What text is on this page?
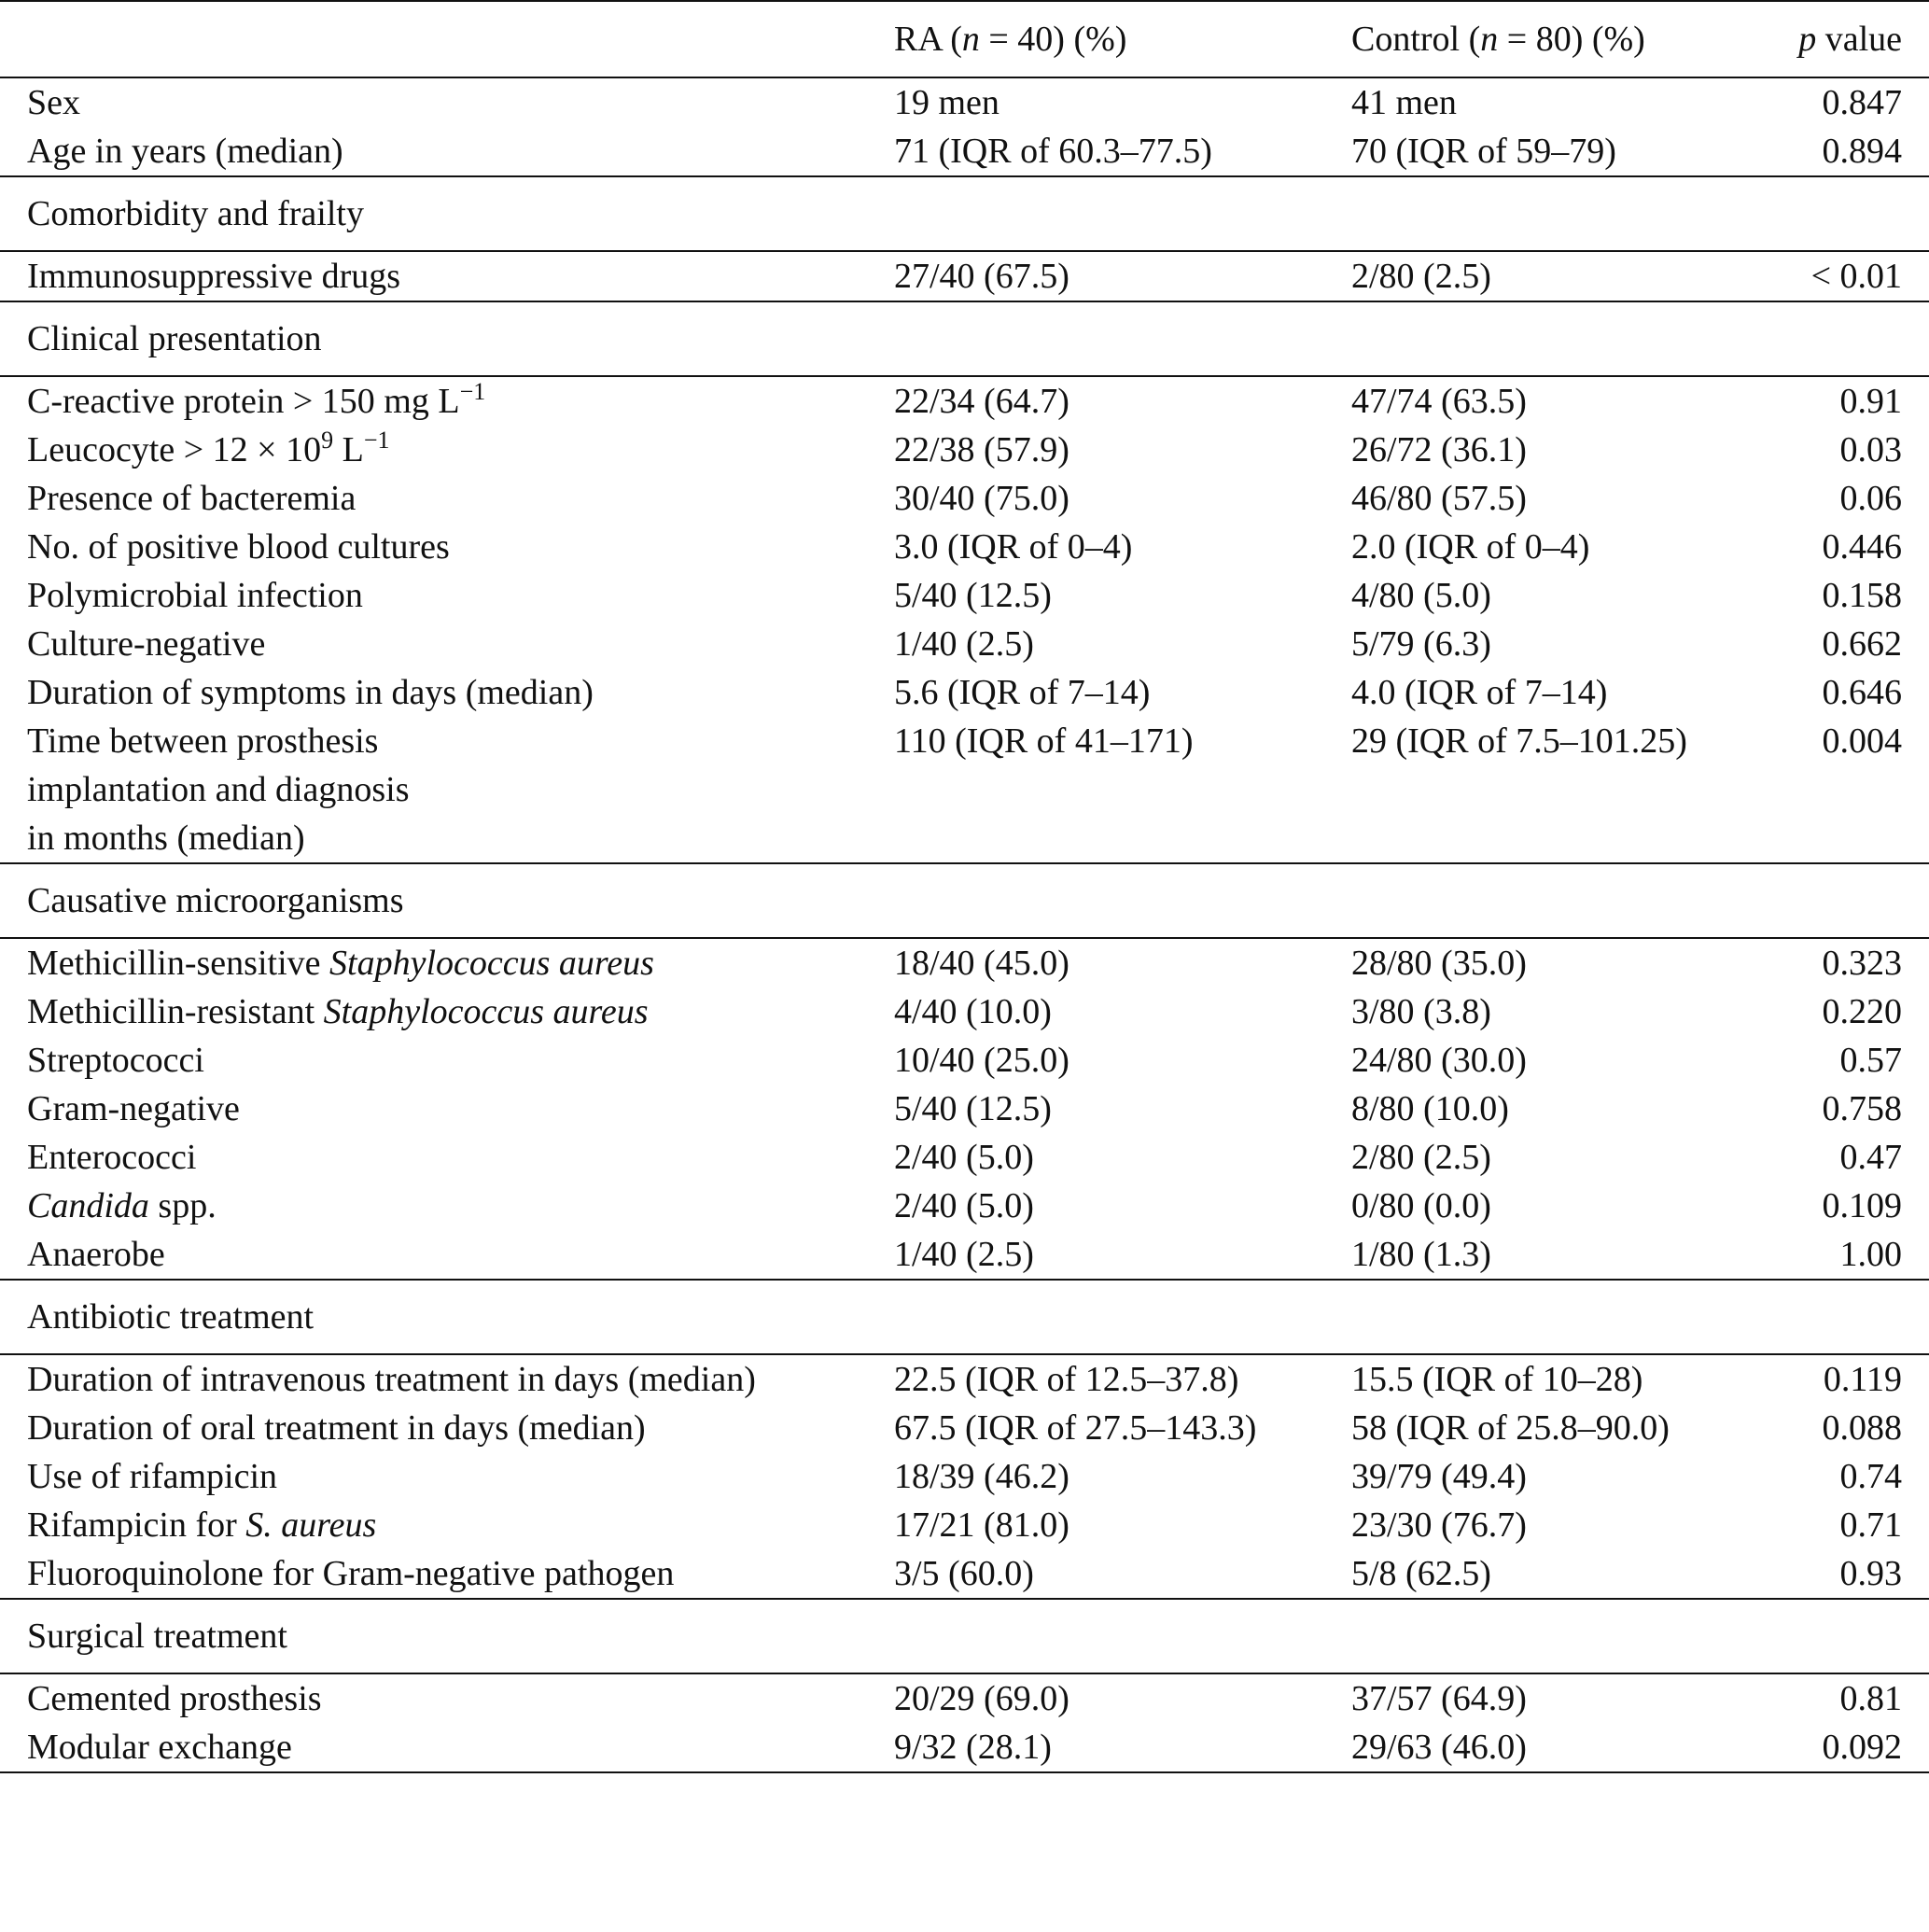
	RA (n = 40) (%)	Control (n = 80) (%)	p value
Sex	19 men	41 men	0.847
Age in years (median)	71 (IQR of 60.3–77.5)	70 (IQR of 59–79)	0.894
Comorbidity and frailty			
Immunosuppressive drugs	27/40 (67.5)	2/80 (2.5)	< 0.01
Clinical presentation			
C-reactive protein > 150 mg $L^{-1}$	22/34 (64.7)	47/74 (63.5)	0.91
Leucocyte > $12 \times 10^9$ $L^{-1}$	22/38 (57.9)	26/72 (36.1)	0.03
Presence of bacteremia	30/40 (75.0)	46/80 (57.5)	0.06
No. of positive blood cultures	3.0 (IQR of 0–4)	2.0 (IQR of 0–4)	0.446
Polymicrobial infection	5/40 (12.5)	4/80 (5.0)	0.158
Culture-negative	1/40 (2.5)	5/79 (6.3)	0.662
Duration of symptoms in days (median)	5.6 (IQR of 7–14)	4.0 (IQR of 7–14)	0.646

Time between prosthesis
implantation and diagnosis
in months (median)	110 (IQR of 41–171)	29 (IQR of 7.5–101.25)	0.004
Causative microorganisms			
Methicillin-sensitive Staphylococcus aureus	18/40 (45.0)	28/80 (35.0)	0.323
Methicillin-resistant Staphylococcus aureus	4/40 (10.0)	3/80 (3.8)	0.220
Streptococci	10/40 (25.0)	24/80 (30.0)	0.57
Gram-negative	5/40 (12.5)	8/80 (10.0)	0.758
Enterococci	2/40 (5.0)	2/80 (2.5)	0.47
Candida spp.	2/40 (5.0)	0/80 (0.0)	0.109
Anaerobe	1/40 (2.5)	1/80 (1.3)	1.00
Antibiotic treatment			
Duration of intravenous treatment in days (median)	22.5 (IQR of 12.5–37.8)	15.5 (IQR of 10–28)	0.119
Duration of oral treatment in days (median)	67.5 (IQR of 27.5–143.3)	58 (IQR of 25.8–90.0)	0.088
Use of rifampicin	18/39 (46.2)	39/79 (49.4)	0.74
Rifampicin for S. aureus	17/21 (81.0)	23/30 (76.7)	0.71
Fluoroquinolone for Gram-negative pathogen	3/5 (60.0)	5/8 (62.5)	0.93
Surgical treatment			
Cemented prosthesis	20/29 (69.0)	37/57 (64.9)	0.81
Modular exchange	9/32 (28.1)	29/63 (46.0)	0.092
